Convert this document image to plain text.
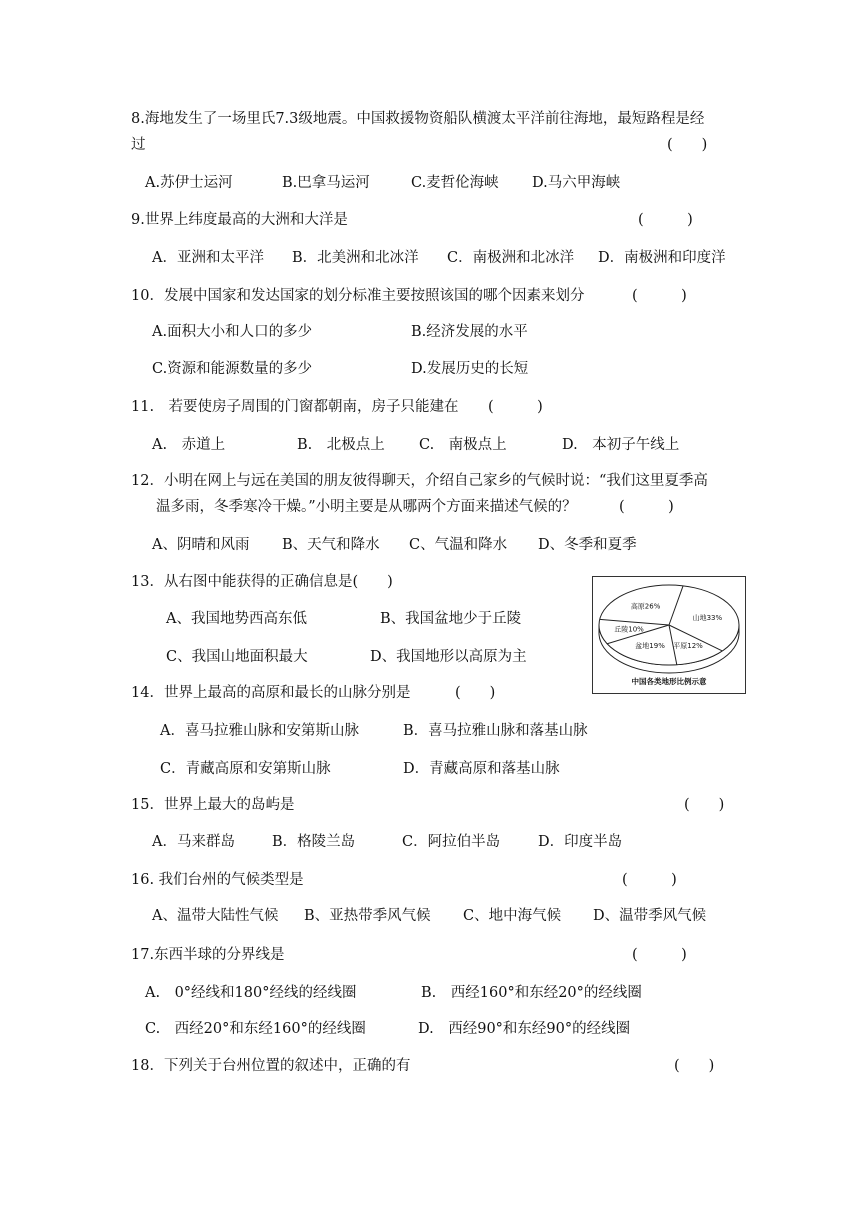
8.海地发生了一场里氏7.3级地震。中国救援物资船队横渡太平洋前往海地，最短路程是经
过	(　　)
A.苏伊士运河	B.巴拿马运河	C.麦哲伦海峡 D.马六甲海峡
9.世界上纬度最高的大洲和大洋是	(　　　)
A．亚洲和太平洋 B．北美洲和北冰洋 C．南极洲和北冰洋 D．南极洲和印度洋
10．发展中国家和发达国家的划分标准主要按照该国的哪个因素来划分	(　　　)
A.面积大小和人口的多少	B.经济发展的水平
C.资源和能源数量的多少	D.发展历史的长短
11.　若要使房子周围的门窗都朝南，房子只能建在 (　　　)
A.　赤道上	B.　北极点上 C.　南极点上	D.　本初子午线上
12．小明在网上与远在美国的朋友彼得聊天，介绍自己家乡的气候时说：“我们这里夏季高
温多雨，冬季寒冷干燥。”小明主要是从哪两个方面来描述气候的？	(　　　)
A、阴晴和风雨 B、天气和降水 C、气温和降水 D、冬季和夏季
13．从右图中能获得的正确信息是(　　)
A、我国地势西高东低	B、我国盆地少于丘陵
C、我国山地面积最大	D、我国地形以高原为主
高原26%
山地33%
平原12%
盆地19%
丘陵10%
中国各类地形比例示意
14．世界上最高的高原和最长的山脉分别是	(　　)
A．喜马拉雅山脉和安第斯山脉	B．喜马拉雅山脉和落基山脉
C．青藏高原和安第斯山脉	D．青藏高原和落基山脉
15．世界上最大的岛屿是	(　　)
A．马来群岛	B．格陵兰岛	C．阿拉伯半岛	D．印度半岛
16. 我们台州的气候类型是	(　　　)
A、温带大陆性气候 B、亚热带季风气候 C、地中海气候 D、温带季风气候
17.东西半球的分界线是	(　　　)
A.　0°经线和180°经线的经线圈	B.　西经160°和东经20°的经线圈
C.　西经20°和东经160°的经线圈	D.　西经90°和东经90°的经线圈
18．下列关于台州位置的叙述中，正确的有	(　　)
